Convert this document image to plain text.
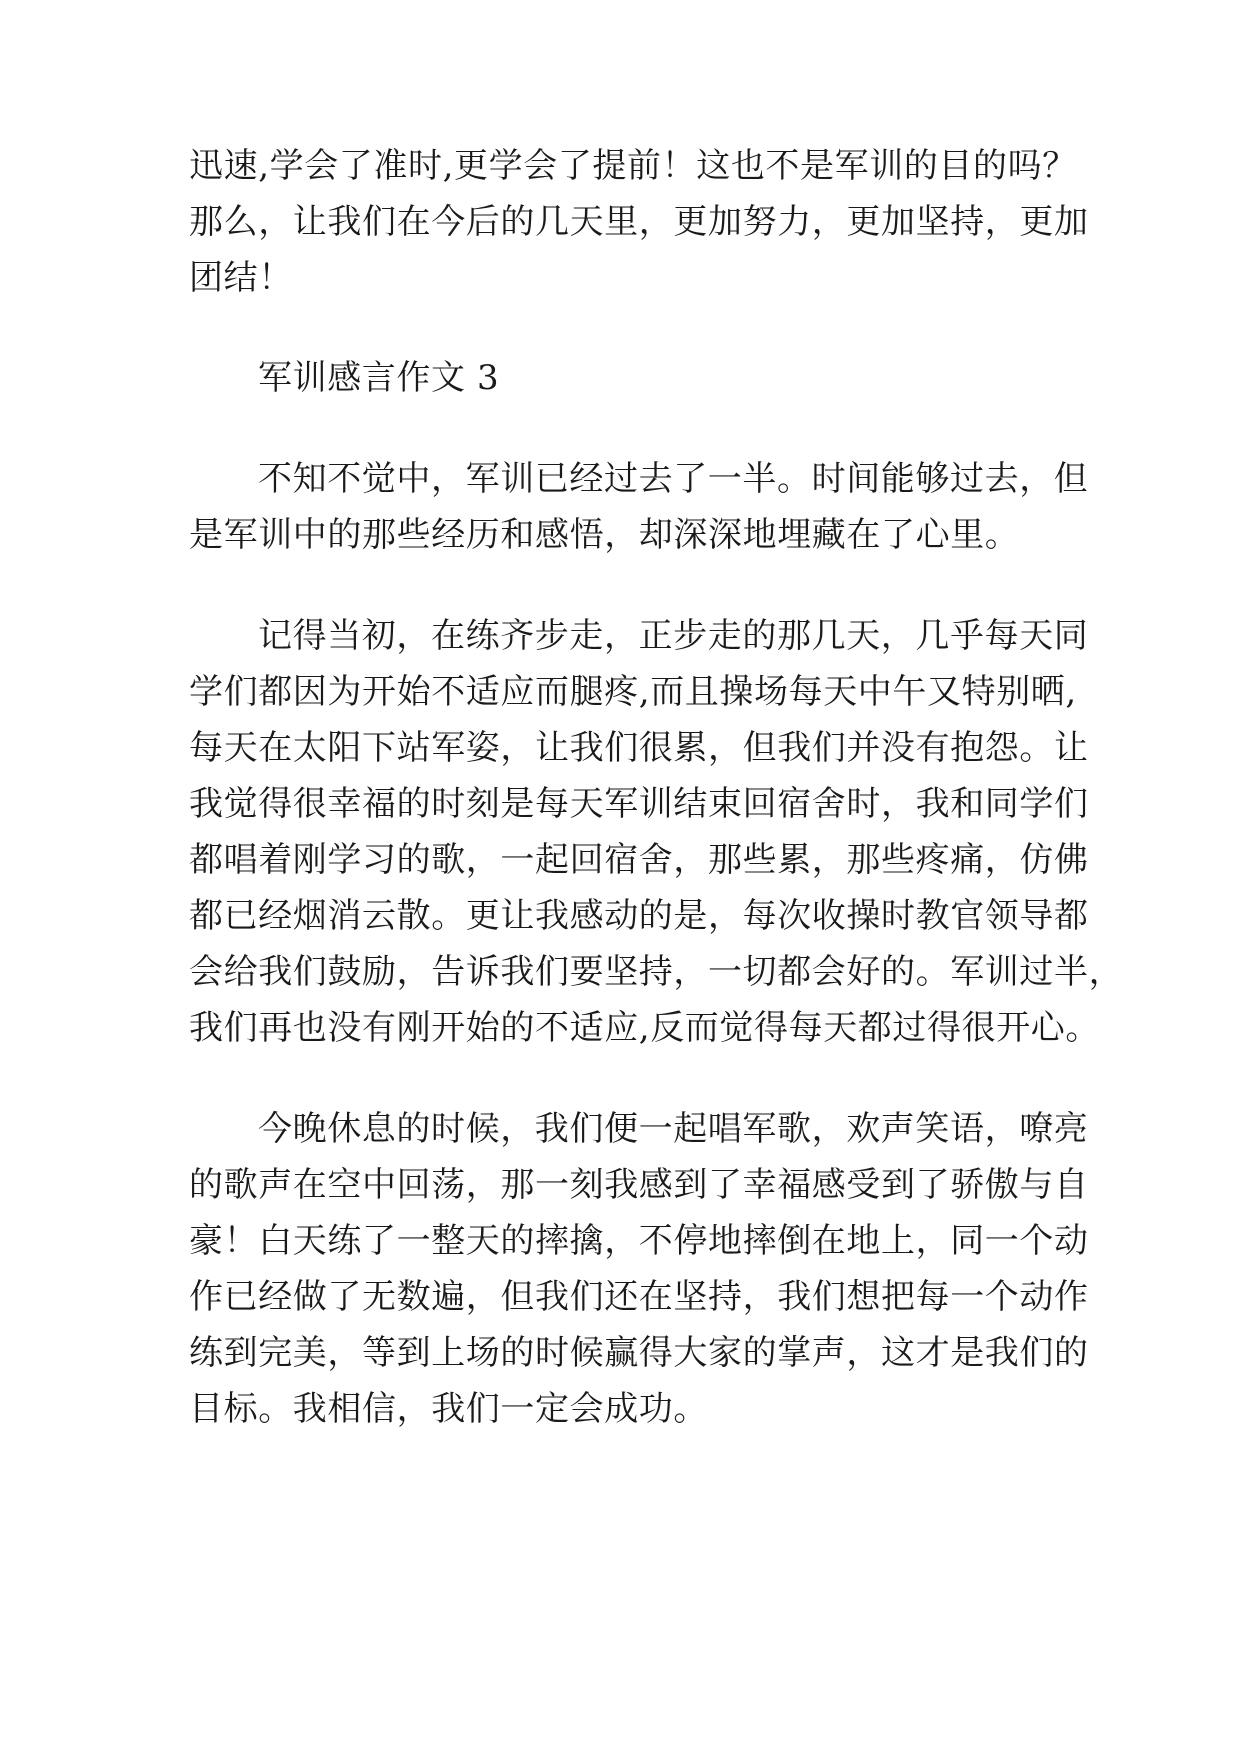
迅速,学会了准时,更学会了提前！这也不是军训的目的吗？
那么，让我们在今后的几天里，更加努力，更加坚持，更加
团结！
军训感言作文 3
不知不觉中，军训已经过去了一半。时间能够过去，但
是军训中的那些经历和感悟，却深深地埋藏在了心里。
记得当初，在练齐步走，正步走的那几天，几乎每天同
学们都因为开始不适应而腿疼,而且操场每天中午又特别晒,
每天在太阳下站军姿，让我们很累，但我们并没有抱怨。让
我觉得很幸福的时刻是每天军训结束回宿舍时，我和同学们
都唱着刚学习的歌，一起回宿舍，那些累，那些疼痛，仿佛
都已经烟消云散。更让我感动的是，每次收操时教官领导都
会给我们鼓励，告诉我们要坚持，一切都会好的。军训过半，
我们再也没有刚开始的不适应,反而觉得每天都过得很开心。
今晚休息的时候，我们便一起唱军歌，欢声笑语，嘹亮
的歌声在空中回荡，那一刻我感到了幸福感受到了骄傲与自
豪！白天练了一整天的摔擒，不停地摔倒在地上，同一个动
作已经做了无数遍，但我们还在坚持，我们想把每一个动作
练到完美，等到上场的时候赢得大家的掌声，这才是我们的
目标。我相信，我们一定会成功。
